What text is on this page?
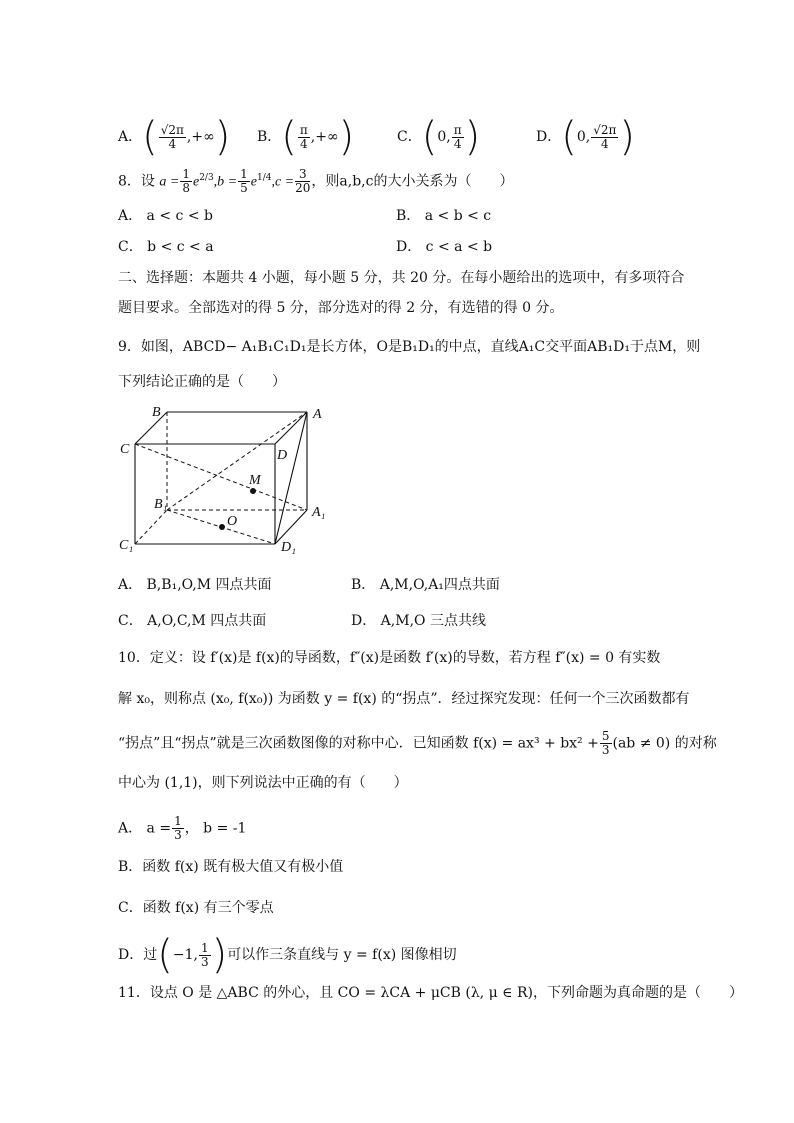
A．( $\frac{√2\pi}{4}$ ,+∞) B．( $\frac{\pi}{4}$ ,+∞)	C．(0, $\frac{\pi}{4}$ )	D．(0, $\frac{√2\pi}{4}$ )
8．设 $a = \frac{1}{8} e^{2/3},b = \frac{1}{5} e^{1/4},c = \frac{3}{20}$ ，则a,b,c的大小关系为（　　）
A． a < c < b	B． a < b < c
C． b < c < a	D． c < a < b
二、选择题：本题共 4 小题，每小题 5 分，共 20 分。在每小题给出的选项中，有多项符合
题目要求。全部选对的得 5 分，部分选对的得 2 分，有选错的得 0 分。
9．如图，ABCD− A₁B₁C₁D₁是长方体，O是B₁D₁的中点，直线A₁C交平面AB₁D₁于点M，则
下列结论正确的是（　　）
B	A
C	D
M
B₁
A₁
O
C₁	D₁
A． B,B₁,O,M 四点共面	B． A,M,O,A₁四点共面
C． A,O,C,M 四点共面	D． A,M,O 三点共线
10．定义：设 f′(x)是 f(x)的导函数，f″(x)是函数 f′(x)的导数，若方程 f″(x) = 0 有实数
解 x₀，则称点 (x₀, f(x₀)) 为函数 y = f(x) 的“拐点”．经过探究发现：任何一个三次函数都有
“拐点”且“拐点”就是三次函数图像的对称中心．已知函数 $f(x) = ax^3 + bx^2 + \frac{5}{3} (ab \ne 0)$ 的对称
中心为 (1,1)，则下列说法中正确的有（　　）
A． $a = \frac{1}{3}$ ， b = -1
B．函数 f(x) 既有极大值又有极小值
C．函数 f(x) 有三个零点
D．过(−1, $\frac{1}{3}$ )可以作三条直线与 y = f(x) 图像相切
11．设点 O 是 △ABC 的外心，且 CO = λCA + μCB (λ, μ ∈ R)，下列命题为真命题的是（　　）
